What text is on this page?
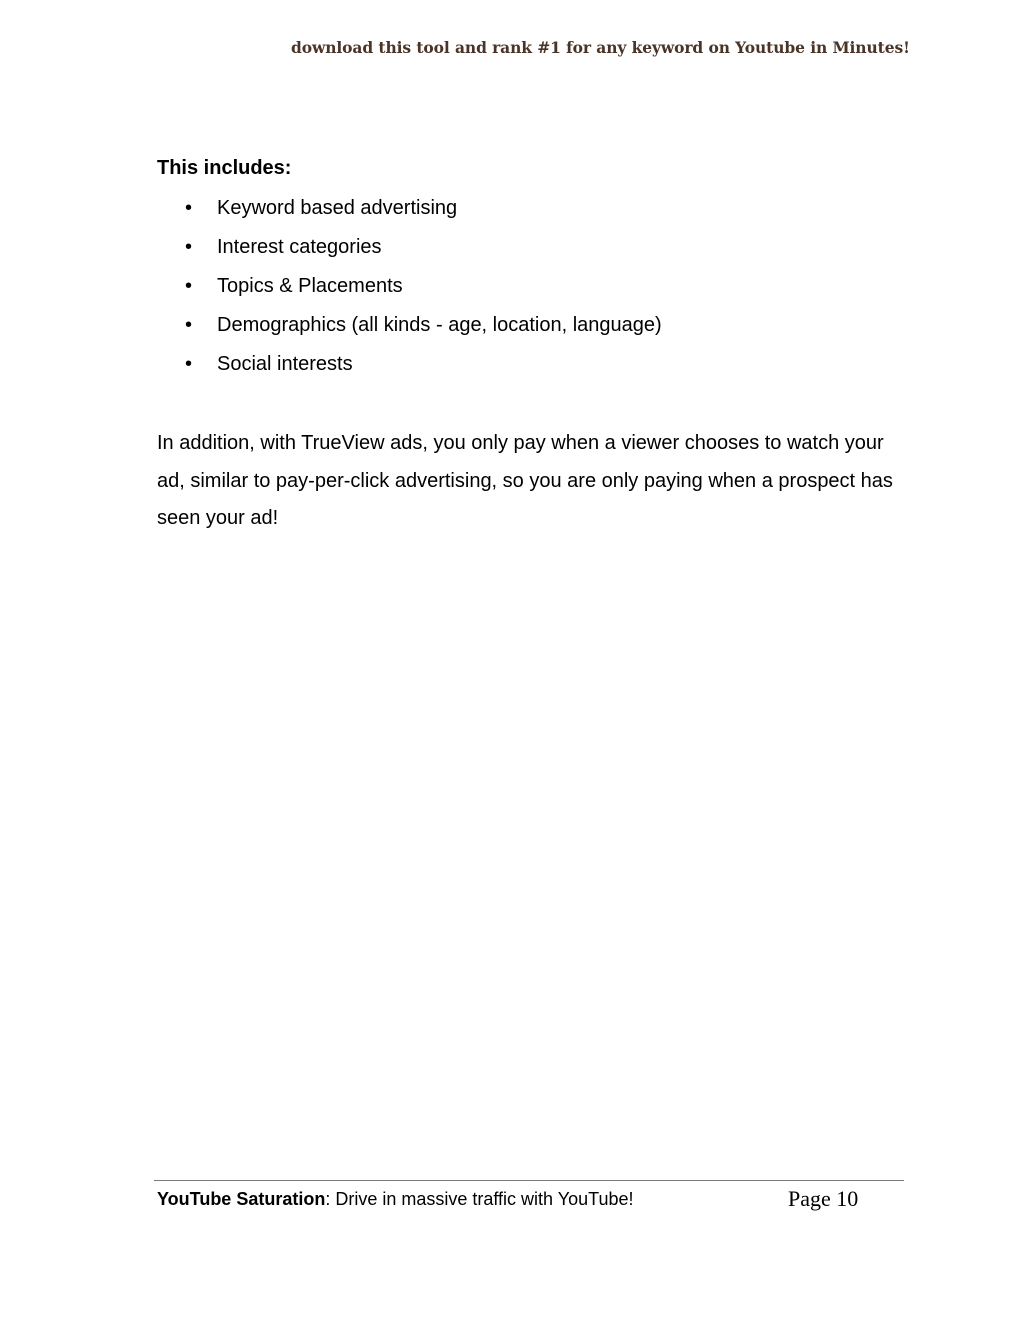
download this tool and rank #1 for any keyword on Youtube in Minutes!

This includes:

• Keyword based advertising
• Interest categories
• Topics & Placements
• Demographics (all kinds - age, location, language)
• Social interests

In addition, with TrueView ads, you only pay when a viewer chooses to watch your ad, similar to pay-per-click advertising, so you are only paying when a prospect has seen your ad!

YouTube Saturation: Drive in massive traffic with YouTube!	Page 10
